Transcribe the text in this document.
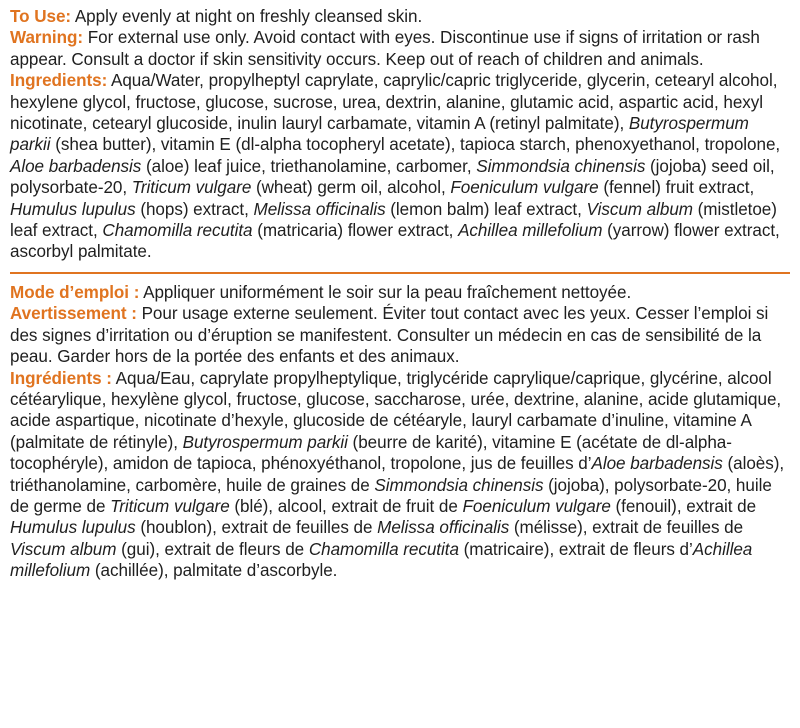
To Use: Apply evenly at night on freshly cleansed skin.

Warning: For external use only. Avoid contact with eyes. Discontinue use if signs of irritation or rash appear. Consult a doctor if skin sensitivity occurs. Keep out of reach of children and animals.

Ingredients: Aqua/Water, propylheptyl caprylate, caprylic/capric triglyceride, glycerin, cetearyl alcohol, hexylene glycol, fructose, glucose, sucrose, urea, dextrin, alanine, glutamic acid, aspartic acid, hexyl nicotinate, cetearyl glucoside, inulin lauryl carbamate, vitamin A (retinyl palmitate), Butyrospermum parkii (shea butter), vitamin E (dl-alpha tocopheryl acetate), tapioca starch, phenoxyethanol, tropolone, Aloe barbadensis (aloe) leaf juice, triethanolamine, carbomer, Simmondsia chinensis (jojoba) seed oil, polysorbate-20, Triticum vulgare (wheat) germ oil, alcohol, Foeniculum vulgare (fennel) fruit extract, Humulus lupulus (hops) extract, Melissa officinalis (lemon balm) leaf extract, Viscum album (mistletoe) leaf extract, Chamomilla recutita (matricaria) flower extract, Achillea millefolium (yarrow) flower extract, ascorbyl palmitate.

Mode d’emploi : Appliquer uniformément le soir sur la peau fraîchement nettoyée.

Avertissement : Pour usage externe seulement. Éviter tout contact avec les yeux. Cesser l’emploi si des signes d’irritation ou d’éruption se manifestent. Consulter un médecin en cas de sensibilité de la peau. Garder hors de la portée des enfants et des animaux.

Ingrédients : Aqua/Eau, caprylate propylheptylique, triglycéride caprylique/caprique, glycérine, alcool cétéarylique, hexylène glycol, fructose, glucose, saccharose, urée, dextrine, alanine, acide glutamique, acide aspartique, nicotinate d’hexyle, glucoside de cétéaryle, lauryl carbamate d’inuline, vitamine A (palmitate de rétinyle), Butyrospermum parkii (beurre de karité), vitamine E (acétate de dl-alpha-tocophéryle), amidon de tapioca, phénoxyéthanol, tropolone, jus de feuilles d’Aloe barbadensis (aloès), triéthanolamine, carbomère, huile de graines de Simmondsia chinensis (jojoba), polysorbate-20, huile de germe de Triticum vulgare (blé), alcool, extrait de fruit de Foeniculum vulgare (fenouil), extrait de Humulus lupulus (houblon), extrait de feuilles de Melissa officinalis (mélisse), extrait de feuilles de Viscum album (gui), extrait de fleurs de Chamomilla recutita (matricaire), extrait de fleurs d’Achillea millefolium (achillée), palmitate d’ascorbyle.
